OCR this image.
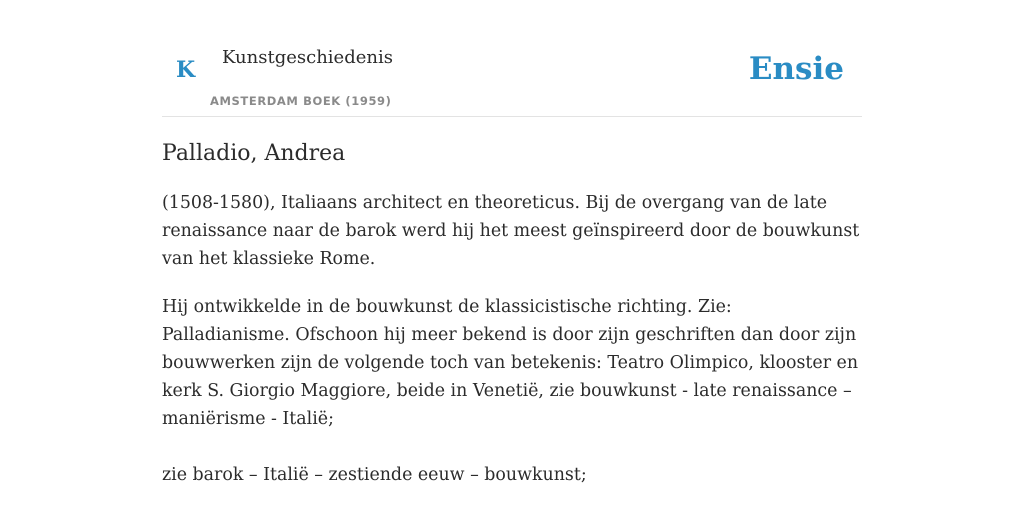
K Kunstgeschiedenis
AMSTERDAM BOEK (1959)
Ensie
Palladio, Andrea

(1508-1580), Italiaans architect en theoreticus. Bij de overgang van de late renaissance naar de barok werd hij het meest geïnspireerd door de bouwkunst van het klassieke Rome.

Hij ontwikkelde in de bouwkunst de klassicistische richting. Zie: Palladianisme. Ofschoon hij meer bekend is door zijn geschriften dan door zijn bouwwerken zijn de volgende toch van betekenis: Teatro Olimpico, klooster en kerk S. Giorgio Maggiore, beide in Venetië, zie bouwkunst - late renaissance – maniërisme - Italië;

zie barok – Italië – zestiende eeuw – bouwkunst;
